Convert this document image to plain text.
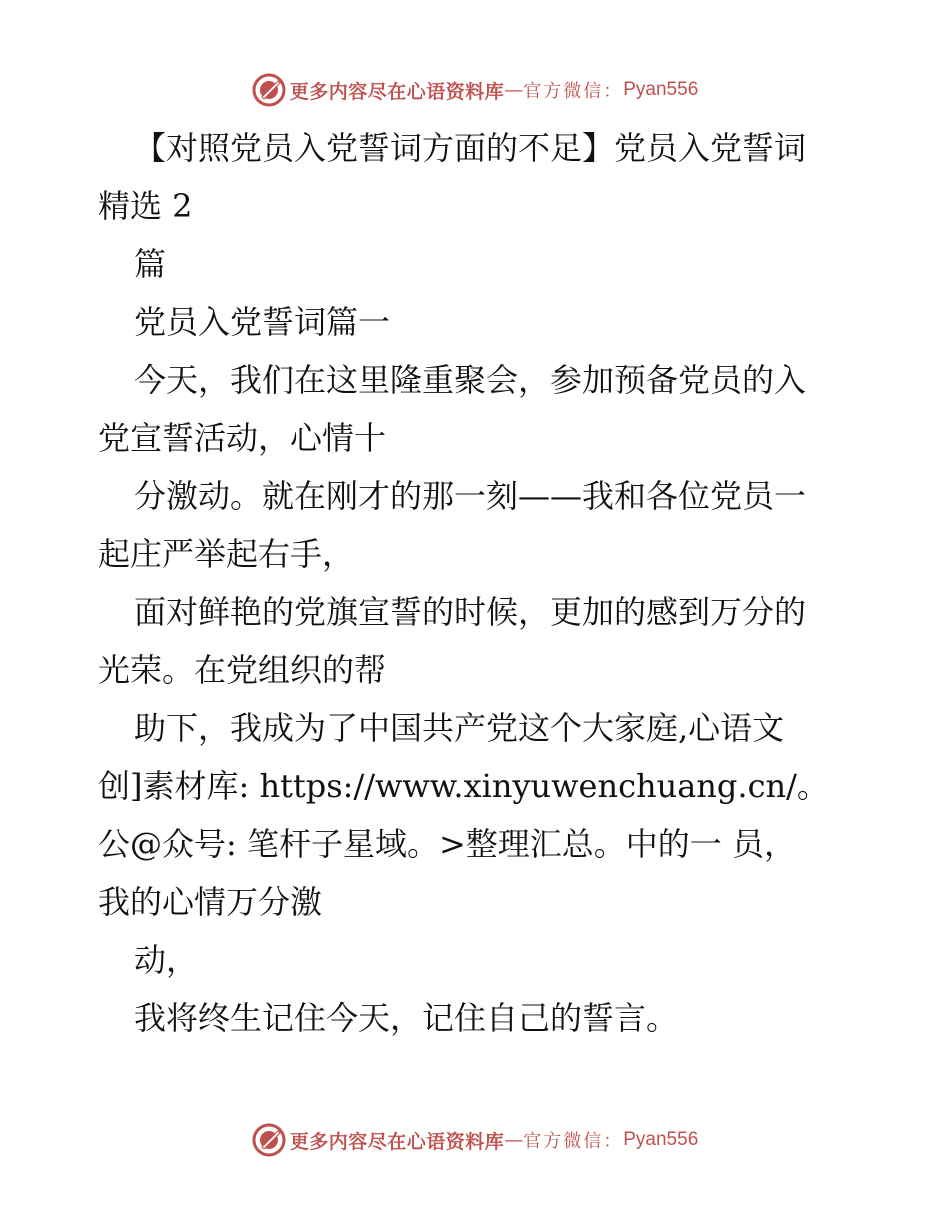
更多内容尽在心语资料库 — 官方微信： Pyan556
【对照党员入党誓词方面的不足】党员入党誓词
精选 2
篇
党员入党誓词篇一
今天，我们在这里隆重聚会，参加预备党员的入
党宣誓活动，心情十
分激动。就在刚才的那一刻——我和各位党员一
起庄严举起右手，
面对鲜艳的党旗宣誓的时候，更加的感到万分的
光荣。在党组织的帮
助下，我成为了中国共产党这个大家庭,心语文
创]素材库: https://www.xinyuwenchuang.cn/。
公@众号: 笔杆子星域。>整理汇总。中的一 员，
我的心情万分激
动，
我将终生记住今天，记住自己的誓言。
更多内容尽在心语资料库 — 官方微信： Pyan556
